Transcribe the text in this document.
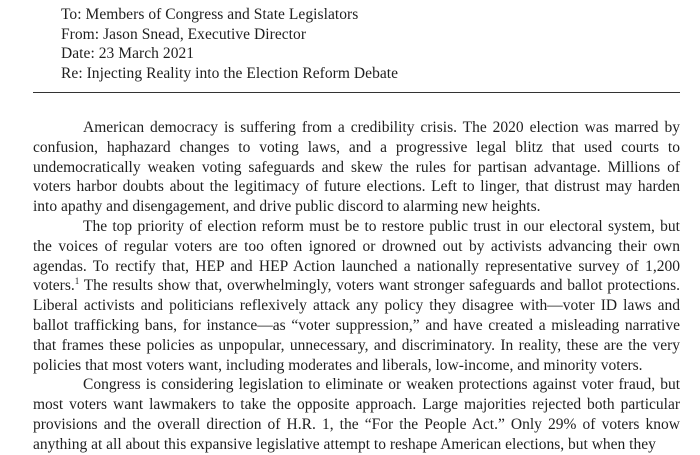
To: Members of Congress and State Legislators
From: Jason Snead, Executive Director
Date: 23 March 2021
Re: Injecting Reality into the Election Reform Debate

American democracy is suffering from a credibility crisis. The 2020 election was marred by confusion, haphazard changes to voting laws, and a progressive legal blitz that used courts to undemocratically weaken voting safeguards and skew the rules for partisan advantage. Millions of voters harbor doubts about the legitimacy of future elections. Left to linger, that distrust may harden into apathy and disengagement, and drive public discord to alarming new heights.

The top priority of election reform must be to restore public trust in our electoral system, but the voices of regular voters are too often ignored or drowned out by activists advancing their own agendas. To rectify that, HEP and HEP Action launched a nationally representative survey of 1,200 voters.$^1$ The results show that, overwhelmingly, voters want stronger safeguards and ballot protections. Liberal activists and politicians reflexively attack any policy they disagree with—voter ID laws and ballot trafficking bans, for instance—as “voter suppression,” and have created a misleading narrative that frames these policies as unpopular, unnecessary, and discriminatory. In reality, these are the very policies that most voters want, including moderates and liberals, low-income, and minority voters.

Congress is considering legislation to eliminate or weaken protections against voter fraud, but most voters want lawmakers to take the opposite approach. Large majorities rejected both particular provisions and the overall direction of H.R. 1, the “For the People Act.” Only 29% of voters know anything at all about this expansive legislative attempt to reshape American elections, but when they
